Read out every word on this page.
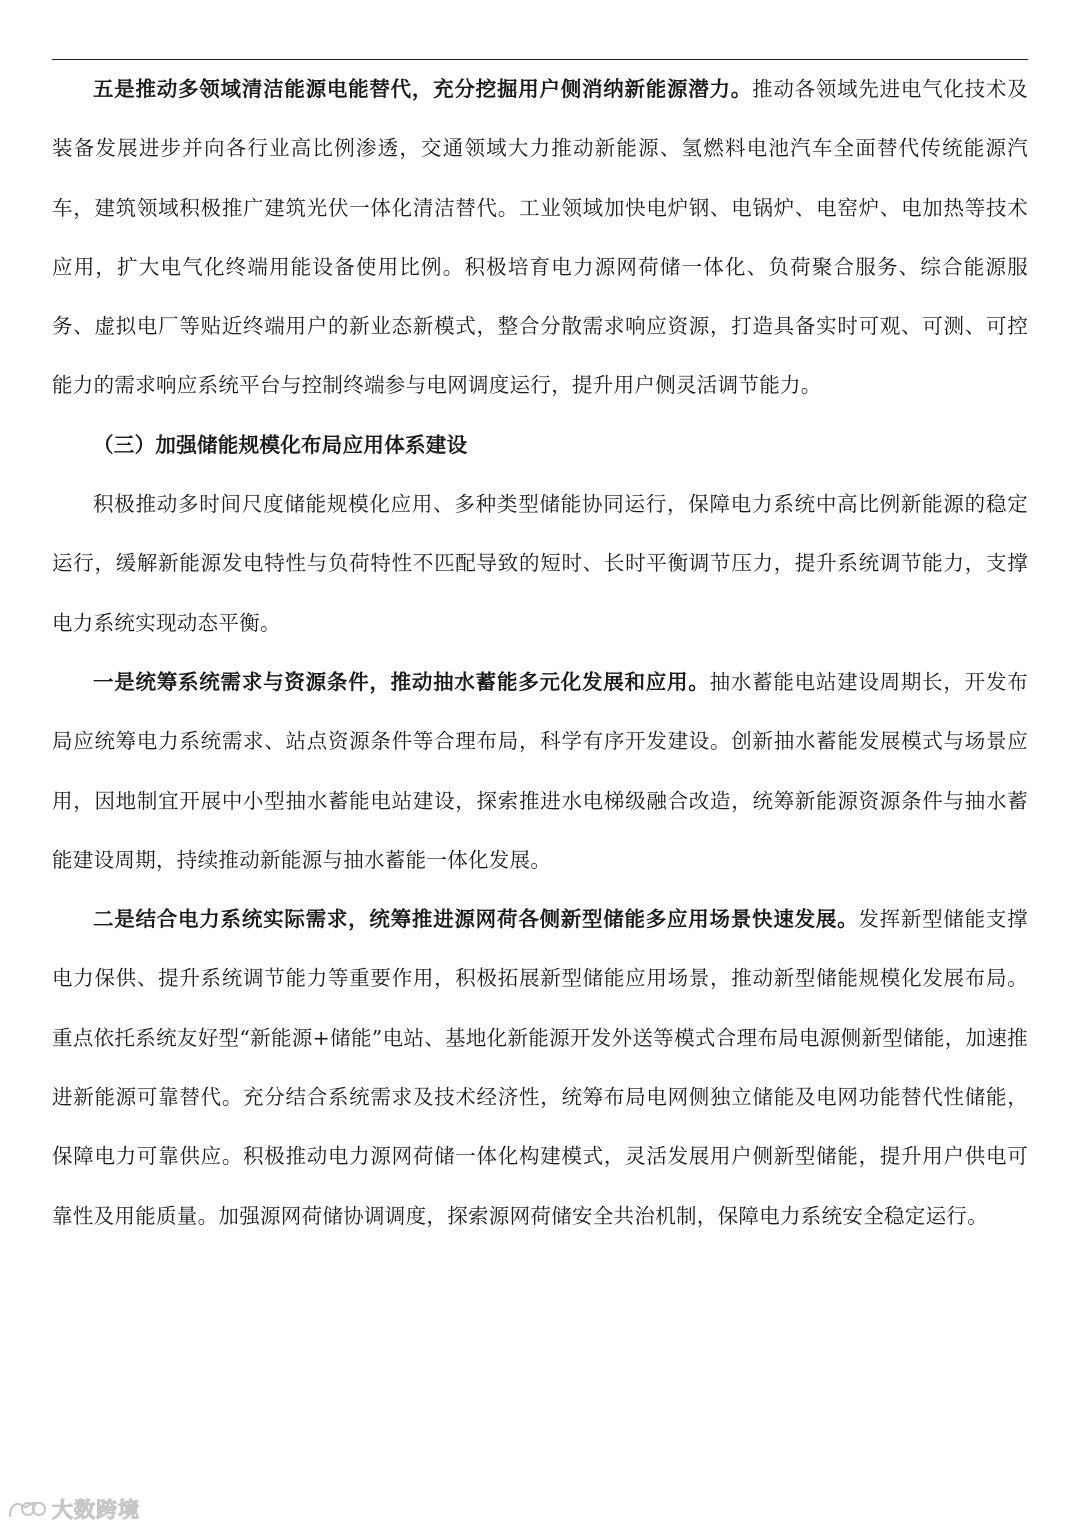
五是推动多领域清洁能源电能替代，充分挖掘用户侧消纳新能源潜力。推动各领域先进电气化技术及装备发展进步并向各行业高比例渗透，交通领域大力推动新能源、氢燃料电池汽车全面替代传统能源汽车，建筑领域积极推广建筑光伏一体化清洁替代。工业领域加快电炉钢、电锅炉、电窑炉、电加热等技术应用，扩大电气化终端用能设备使用比例。积极培育电力源网荷储一体化、负荷聚合服务、综合能源服务、虚拟电厂等贴近终端用户的新业态新模式，整合分散需求响应资源，打造具备实时可观、可测、可控能力的需求响应系统平台与控制终端参与电网调度运行，提升用户侧灵活调节能力。

（三）加强储能规模化布局应用体系建设

积极推动多时间尺度储能规模化应用、多种类型储能协同运行，保障电力系统中高比例新能源的稳定运行，缓解新能源发电特性与负荷特性不匹配导致的短时、长时平衡调节压力，提升系统调节能力，支撑电力系统实现动态平衡。

一是统筹系统需求与资源条件，推动抽水蓄能多元化发展和应用。抽水蓄能电站建设周期长，开发布局应统筹电力系统需求、站点资源条件等合理布局，科学有序开发建设。创新抽水蓄能发展模式与场景应用，因地制宜开展中小型抽水蓄能电站建设，探索推进水电梯级融合改造，统筹新能源资源条件与抽水蓄能建设周期，持续推动新能源与抽水蓄能一体化发展。

二是结合电力系统实际需求，统筹推进源网荷各侧新型储能多应用场景快速发展。发挥新型储能支撑电力保供、提升系统调节能力等重要作用，积极拓展新型储能应用场景，推动新型储能规模化发展布局。重点依托系统友好型“新能源+储能”电站、基地化新能源开发外送等模式合理布局电源侧新型储能，加速推进新能源可靠替代。充分结合系统需求及技术经济性，统筹布局电网侧独立储能及电网功能替代性储能，保障电力可靠供应。积极推动电力源网荷储一体化构建模式，灵活发展用户侧新型储能，提升用户供电可靠性及用能质量。加强源网荷储协调调度，探索源网荷储安全共治机制，保障电力系统安全稳定运行。

大数跨境
